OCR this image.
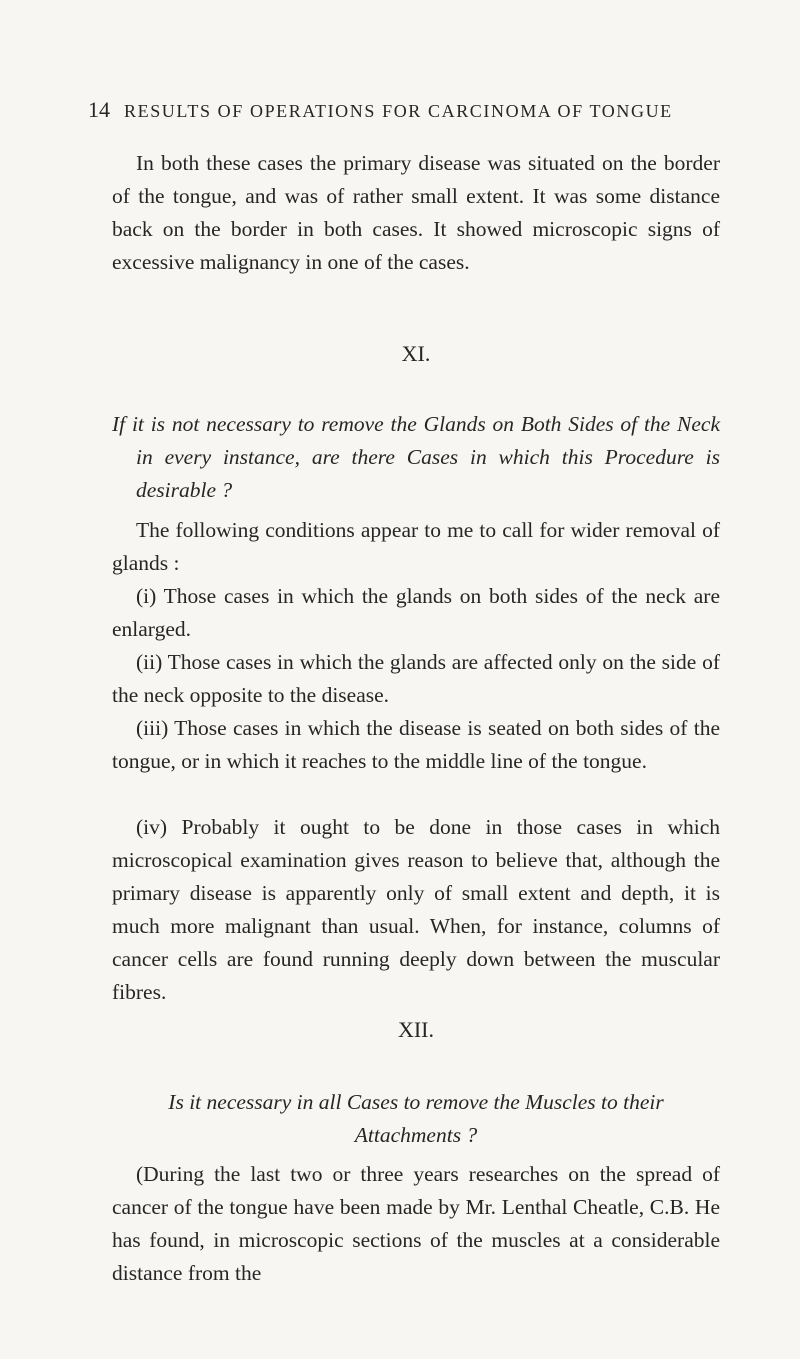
14 RESULTS OF OPERATIONS FOR CARCINOMA OF TONGUE

In both these cases the primary disease was situated on the border of the tongue, and was of rather small extent. It was some distance back on the border in both cases. It showed microscopic signs of excessive malignancy in one of the cases.

XI.

If it is not necessary to remove the Glands on Both Sides of the Neck in every instance, are there Cases in which this Procedure is desirable ?

The following conditions appear to me to call for wider removal of glands :

(i) Those cases in which the glands on both sides of the neck are enlarged.

(ii) Those cases in which the glands are affected only on the side of the neck opposite to the disease.

(iii) Those cases in which the disease is seated on both sides of the tongue, or in which it reaches to the middle line of the tongue.

(iv) Probably it ought to be done in those cases in which microscopical examination gives reason to believe that, although the primary disease is apparently only of small extent and depth, it is much more malignant than usual. When, for instance, columns of cancer cells are found running deeply down between the muscular fibres.

XII.

Is it necessary in all Cases to remove the Muscles to their
Attachments ?

(During the last two or three years researches on the spread of cancer of the tongue have been made by Mr. Lenthal Cheatle, C.B. He has found, in microscopic sections of the muscles at a considerable distance from the
